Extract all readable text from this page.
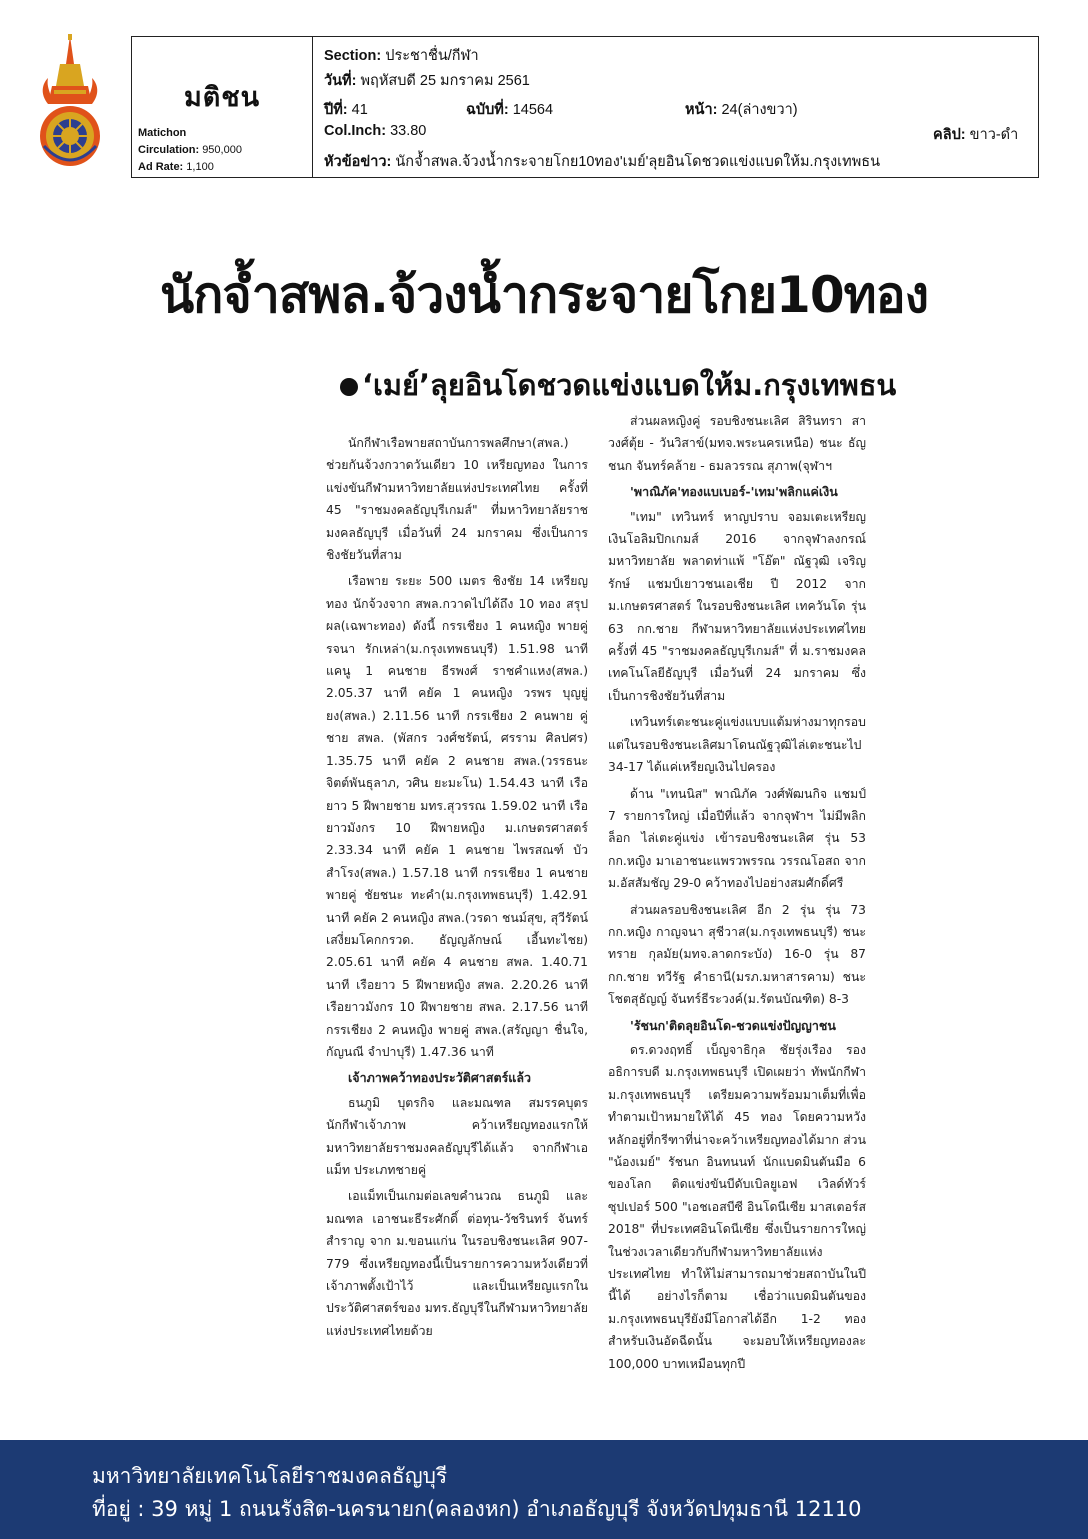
มติชน
Matichon
Circulation: 950,000
Ad Rate: 1,100
Section: ประชาชื่น/กีฬา
วันที่: พฤหัสบดี 25 มกราคม 2561
ปีที่: 41	ฉบับที่: 14564	หน้า: 24(ล่างขวา)
Col.Inch: 33.80	คลิป: ขาว-ดำ
หัวข้อข่าว: นักจ้ำสพล.จ้วงน้ำกระจายโกย10ทอง'เมย์'ลุยอินโดชวดแข่งแบดให้ม.กรุงเทพธน
นักจ้ำสพล.จ้วงน้ำกระจายโกย10ทอง
‘เมย์’ลุยอินโดชวดแข่งแบดให้ม.กรุงเทพธน

นักกีฬาเรือพายสถาบันการพลศึกษา(สพล.) ช่วยกันจ้วงกวาดวันเดียว 10 เหรียญทอง ในการแข่งขันกีฬามหาวิทยาลัยแห่งประเทศไทย ครั้งที่ 45 "ราชมงคลธัญบุรีเกมส์" ที่มหาวิทยาลัยราชมงคลธัญบุรี เมื่อวันที่ 24 มกราคม ซึ่งเป็นการชิงชัยวันที่สาม

เรือพาย ระยะ 500 เมตร ชิงชัย 14 เหรียญทอง นักจ้วงจาก สพล.กวาดไปได้ถึง 10 ทอง สรุปผล(เฉพาะทอง) ดังนี้ กรรเชียง 1 คนหญิง พายคู่ รจนา รักเหล่า(ม.กรุงเทพธนบุรี) 1.51.98 นาที แคนู 1 คนชาย ธีรพงศ์ ราชคำแหง(สพล.) 2.05.37 นาที คยัค 1 คนหญิง วรพร บุญยู่ยง(สพล.) 2.11.56 นาที กรรเชียง 2 คนพาย คู่ชาย สพล. (พัสกร วงศ์ชรัตน์, ศรราม ศิลปศร) 1.35.75 นาที คยัค 2 คนชาย สพล.(วรรธนะ จิตต์พันธุลาภ, วศิน ยะมะโน) 1.54.43 นาที เรือยาว 5 ฝีพายชาย มทร.สุวรรณ 1.59.02 นาที เรือยาวมังกร 10 ฝีพายหญิง ม.เกษตรศาสตร์ 2.33.34 นาที คยัค 1 คนชาย ไพรสณฑ์ บัวสำโรง(สพล.) 1.57.18 นาที กรรเชียง 1 คนชาย พายคู่ ชัยชนะ ทะคำ(ม.กรุงเทพธนบุรี) 1.42.91 นาที คยัค 2 คนหญิง สพล.(วรดา ชนม์สุข, สุวีรัตน์ เสงี่ยมโคกกรวด. ธัญญลักษณ์ เอี้นทะไชย) 2.05.61 นาที คยัค 4 คนชาย สพล. 1.40.71 นาที เรือยาว 5 ฝีพายหญิง สพล. 2.20.26 นาที เรือยาวมังกร 10 ฝีพายชาย สพล. 2.17.56 นาที กรรเชียง 2 คนหญิง พายคู่ สพล.(สรัญญา ชื่นใจ, กัญนณี จำปาบุรี) 1.47.36 นาที

เจ้าภาพคว้าทองประวัติศาสตร์แล้ว

ธนภูมิ บุตรกิจ และมณฑล สมรรคบุตร นักกีฬาเจ้าภาพ คว้าเหรียญทองแรกให้มหาวิทยาลัยราชมงคลธัญบุรีได้แล้ว จากกีฬาเอแม็ท ประเภทชายคู่

เอแม็ทเป็นเกมต่อเลขคำนวณ ธนภูมิ และมณฑล เอาชนะธีระศักดิ์ ต่อทุน-วัชรินทร์ จันทร์สำราญ จาก ม.ขอนแก่น ในรอบชิงชนะเลิศ 907-779 ซึ่งเหรียญทองนี้เป็นรายการความหวังเดียวที่เจ้าภาพตั้งเป้าไว้ และเป็นเหรียญแรกในประวัติศาสตร์ของ มทร.ธัญบุรีในกีฬามหาวิทยาลัยแห่งประเทศไทยด้วย

ส่วนผลหญิงคู่ รอบชิงชนะเลิศ สิรินทรา สาวงศ์ตุ้ย - วันวิสาข์(มทจ.พระนครเหนือ) ชนะ ธัญชนก จันทร์คล้าย - ธมลวรรณ สุภาพ(จุฬาฯ

'พาณิภัค'ทองแบเบอร์-'เทม'พลิกแค่เงิน

"เทม" เทวินทร์ หาญปราบ จอมเตะเหรียญเงินโอลิมปิกเกมส์ 2016 จากจุฬาลงกรณ์มหาวิทยาลัย พลาดท่าแพ้ "โอ๊ต" ณัฐวุฒิ เจริญรักษ์ แชมป์เยาวชนเอเชีย ปี 2012 จาก ม.เกษตรศาสตร์ ในรอบชิงชนะเลิศ เทควันโด รุ่น 63 กก.ชาย กีฬามหาวิทยาลัยแห่งประเทศไทย ครั้งที่ 45 "ราชมงคลธัญบุรีเกมส์" ที่ ม.ราชมงคลเทคโนโลยีธัญบุรี เมื่อวันที่ 24 มกราคม ซึ่งเป็นการชิงชัยวันที่สาม

เทวินทร์เตะชนะคู่แข่งแบบแต้มห่างมาทุกรอบ แต่ในรอบชิงชนะเลิศมาโดนณัฐวุฒิไล่เตะชนะไป 34-17 ได้แค่เหรียญเงินไปครอง

ด้าน "เทนนิส" พาณิภัค วงศ์พัฒนกิจ แชมป์ 7 รายการใหญ่ เมื่อปีที่แล้ว จากจุฬาฯ ไม่มีพลิกล็อก ไล่เตะคู่แข่ง เข้ารอบชิงชนะเลิศ รุ่น 53 กก.หญิง มาเอาชนะแพรวพรรณ วรรณโอสถ จาก ม.อัสสัมชัญ 29-0 คว้าทองไปอย่างสมศักดิ์ศรี

ส่วนผลรอบชิงชนะเลิศ อีก 2 รุ่น รุ่น 73 กก.หญิง กาญจนา สุชีวาส(ม.กรุงเทพธนบุรี) ชนะ ทราย กุลมัย(มทจ.ลาดกระบัง) 16-0 รุ่น 87 กก.ชาย ทวีรัฐ คำธานี(มรภ.มหาสารคาม) ชนะ โชตสุธัญญ์ จันทร์ธีระวงค์(ม.รัตนบัณฑิต) 8-3

'รัชนก'ติดลุยอินโด-ชวดแข่งปัญญาชน

ดร.ดวงฤทธิ์ เบ็ญจาธิกุล ชัยรุ่งเรือง รองอธิการบดี ม.กรุงเทพธนบุรี เปิดเผยว่า ทัพนักกีฬา ม.กรุงเทพธนบุรี เตรียมความพร้อมมาเต็มที่เพื่อทำตามเป้าหมายให้ได้ 45 ทอง โดยความหวังหลักอยู่ที่กรีฑาที่น่าจะคว้าเหรียญทองได้มาก ส่วน "น้องเมย์" รัชนก อินทนนท์ นักแบดมินตันมือ 6 ของโลก ติดแข่งขันบีดับเบิลยูเอฟ เวิลด์ทัวร์ ซุปเปอร์ 500 "เอชเอสบีซี อินโดนีเซีย มาสเตอร์ส 2018" ที่ประเทศอินโดนีเซีย ซึ่งเป็นรายการใหญ่ ในช่วงเวลาเดียวกับกีฬามหาวิทยาลัยแห่งประเทศไทย ทำให้ไม่สามารถมาช่วยสถาบันในปีนี้ได้ อย่างไรก็ตาม เชื่อว่าแบดมินตันของ ม.กรุงเทพธนบุรียังมีโอกาสได้อีก 1-2 ทอง สำหรับเงินอัดฉีดนั้น จะมอบให้เหรียญทองละ 100,000 บาทเหมือนทุกปี

มหาวิทยาลัยเทคโนโลยีราชมงคลธัญบุรี
ที่อยู่ : 39 หมู่ 1 ถนนรังสิต-นครนายก(คลองหก) อำเภอธัญบุรี จังหวัดปทุมธานี 12110
